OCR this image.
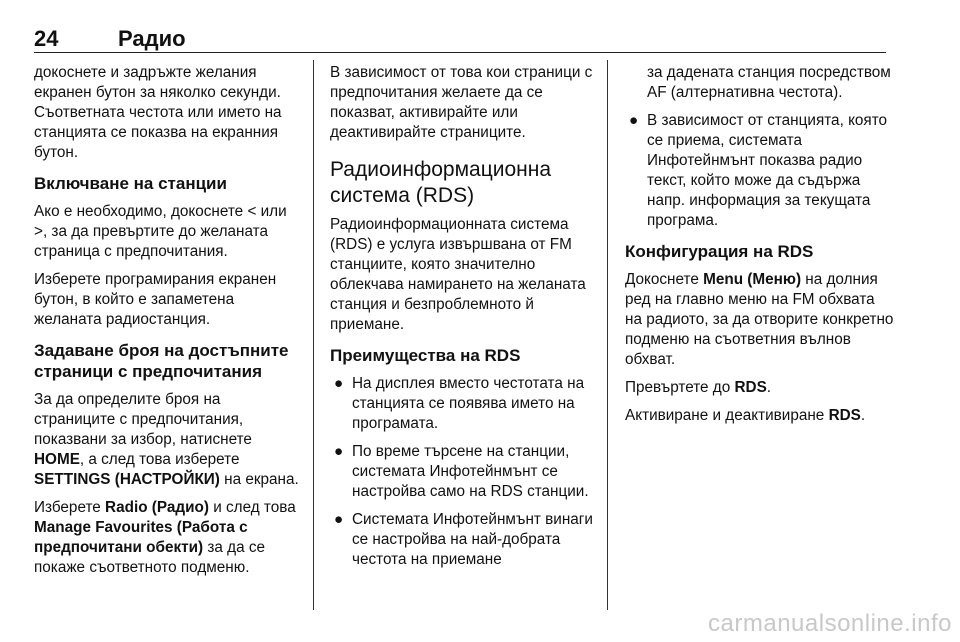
24	Радио

докоснете и задръжте желания екранен бутон за няколко секунди. Съответната честота или името на станцията се показва на екранния бутон.

Включване на станции

Ако е необходимо, докоснете < или >, за да превъртите до желаната страница с предпочитания.

Изберете програмирания екранен бутон, в който е запаметена желаната радиостанция.

Задаване броя на достъпните страници с предпочитания

За да определите броя на страниците с предпочитания, показвани за избор, натиснете HOME, а след това изберете SETTINGS (НАСТРОЙКИ) на екрана.

Изберете Radio (Радио) и след това Manage Favourites (Работа с предпочитани обекти) за да се покаже съответното подменю.

В зависимост от това кои страници с предпочитания желаете да се показват, активирайте или деактивирайте страниците.

Радиоинформационна система (RDS)

Радиоинформационната система (RDS) е услуга извършвана от FM станциите, която значително облекчава намирането на желаната станция и безпроблемното й приемане.

Преимущества на RDS
● На дисплея вместо честотата на станцията се появява името на програмата.
● По време търсене на станции, системата Инфотейнмънт се настройва само на RDS станции.
● Системата Инфотейнмънт винаги се настройва на най-добрата честота на приемане

за дадената станция посредством AF (алтернативна честота).

● В зависимост от станцията, която се приема, системата Инфотейнмънт показва радио текст, който може да съдържа напр. информация за текущата програма.
Конфигурация на RDS

Докоснете Menu (Меню) на долния ред на главно меню на FM обхвата на радиото, за да отворите конкретно подменю на съответния вълнов обхват.

Превъртете до RDS.

Активиране и деактивиране RDS.

carmanualsonline.info
